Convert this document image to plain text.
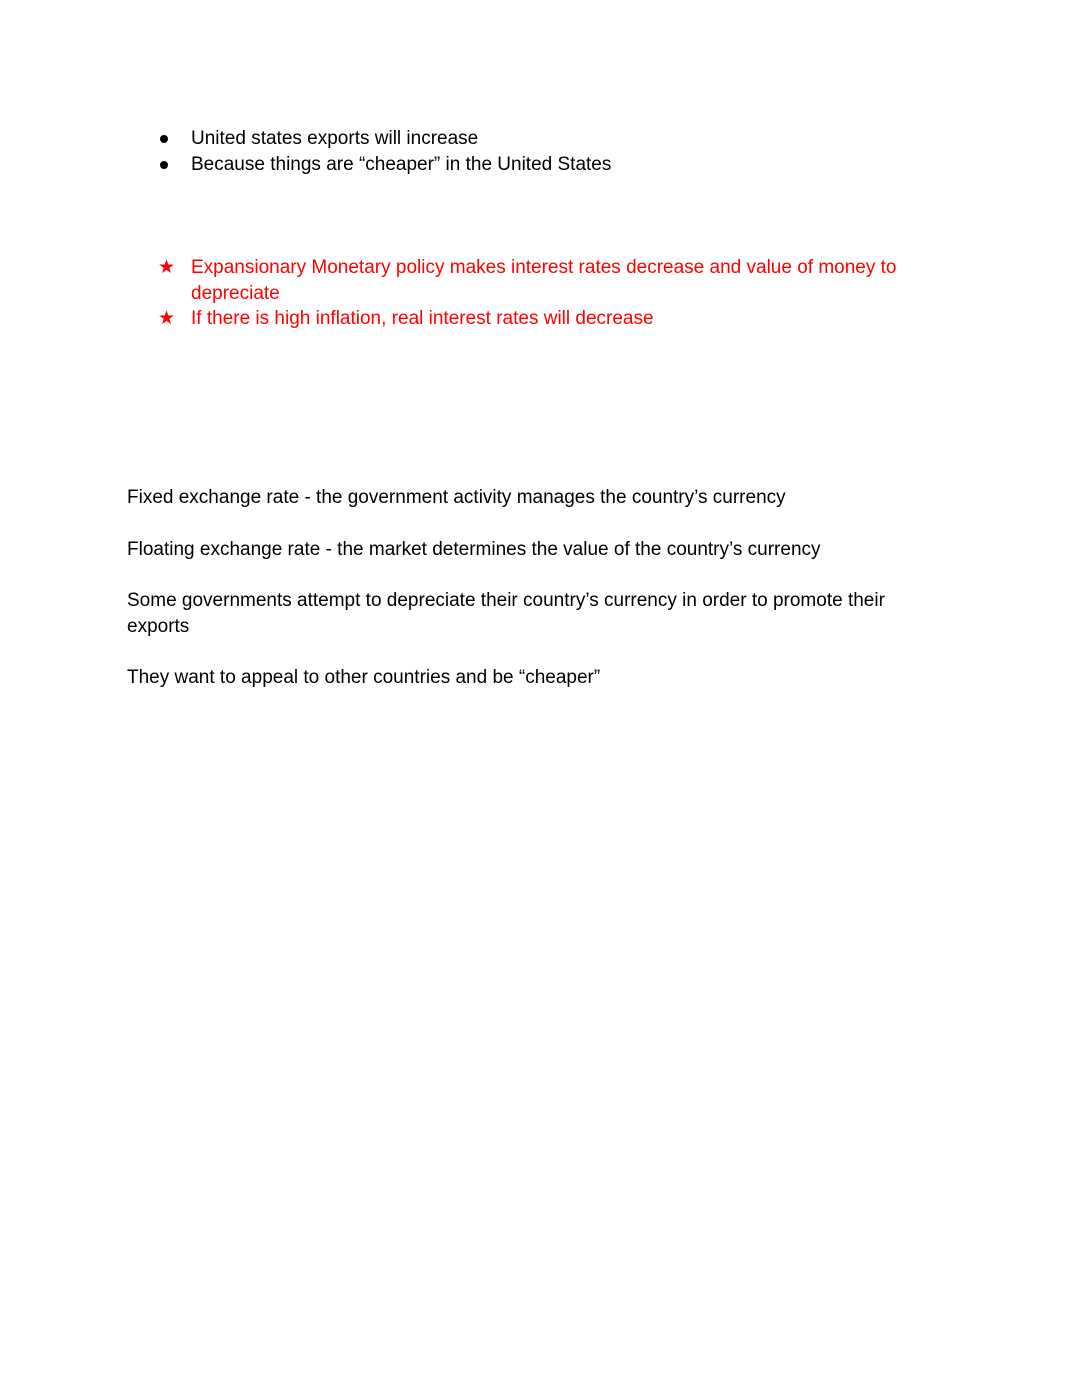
United states exports will increase
Because things are “cheaper” in the United States
★ Expansionary Monetary policy makes interest rates decrease and value of money to depreciate
★ If there is high inflation, real interest rates will decrease

Fixed exchange rate - the government activity manages the country’s currency

Floating exchange rate - the market determines the value of the country’s currency

Some governments attempt to depreciate their country’s currency in order to promote their exports

They want to appeal to other countries and be “cheaper”
